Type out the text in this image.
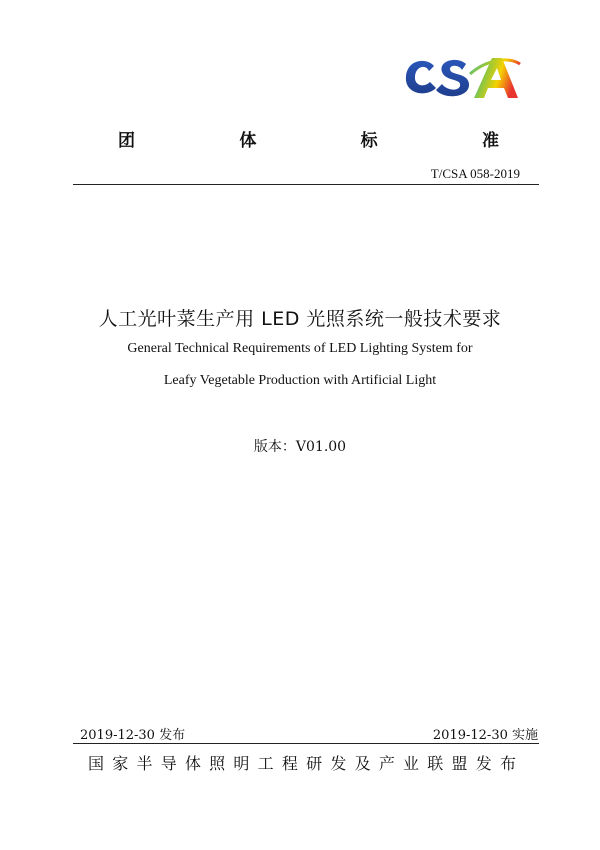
团	体	标	准
T/CSA 058-2019
人工光叶菜生产用 LED 光照系统一般技术要求
General Technical Requirements of LED Lighting System for
Leafy Vegetable Production with Artificial Light
版本：V01.00
2019-12-30 发布	2019-12-30 实施
国 家 半 导 体 照 明 工 程 研 发 及 产 业 联 盟 发 布
